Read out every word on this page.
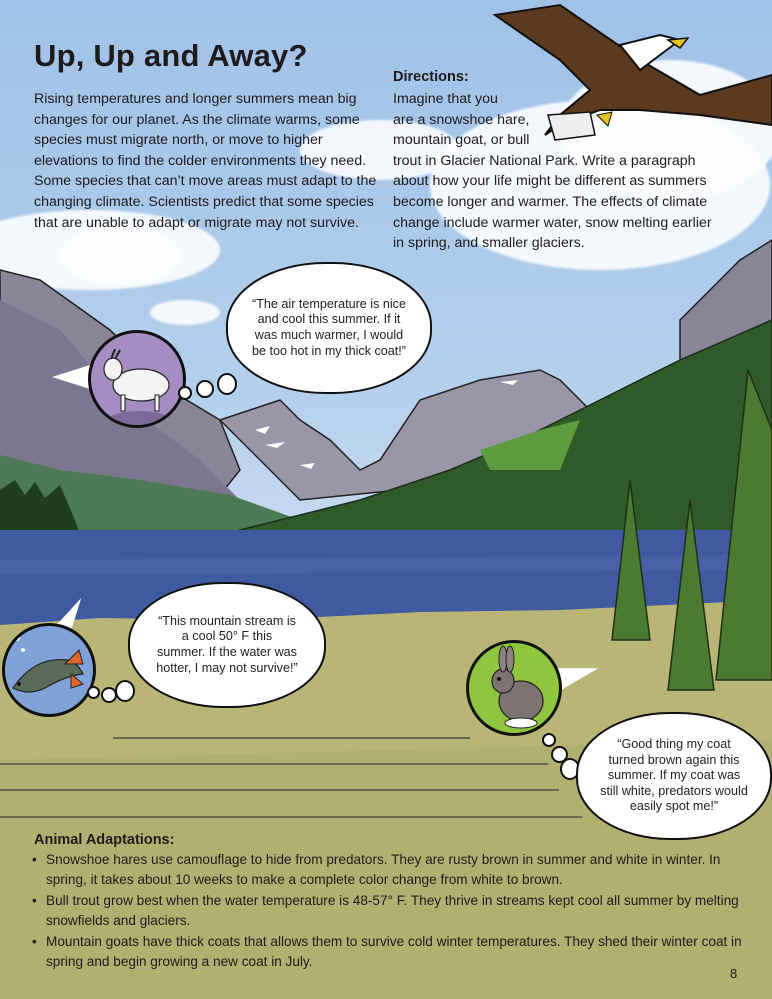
“The air temperature is nice and cool this summer. If it was much warmer, I would be too hot in my thick coat!”
“This mountain stream is a cool 50° F this summer. If the water was hotter, I may not survive!”
“Good thing my coat turned brown again this summer. If my coat was still white, predators would easily spot me!”
Up, Up and Away?

Rising temperatures and longer summers mean big changes for our planet. As the climate warms, some species must migrate north, or move to higher elevations to find the colder environments they need. Some species that can’t move areas must adapt to the changing climate. Scientists predict that some species that are unable to adapt or migrate may not survive.

Directions:

Imagine that you
are a snowshoe hare,
mountain goat, or bull
trout in Glacier National Park. Write a paragraph
about how your life might be different as summers
become longer and warmer. The effects of climate
change include warmer water, snow melting earlier
in spring, and smaller glaciers.

Animal Adaptations:
• Snowshoe hares use camouflage to hide from predators. They are rusty brown in summer and white in winter. In spring, it takes about 10 weeks to make a complete color change from white to brown.
• Bull trout grow best when the water temperature is 48-57° F. They thrive in streams kept cool all summer by melting snowfields and glaciers.
• Mountain goats have thick coats that allows them to survive cold winter temperatures. They shed their winter coat in spring and begin growing a new coat in July.
8
